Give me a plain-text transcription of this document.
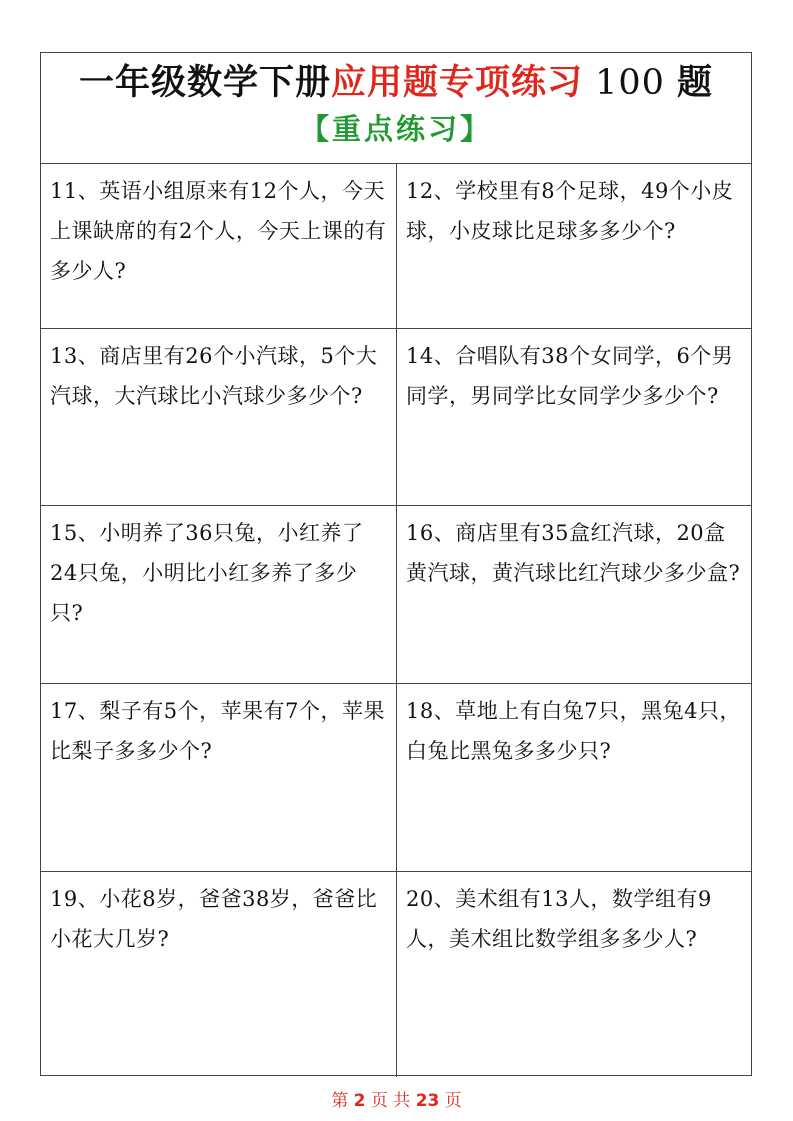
一年级数学下册应用题专项练习 100 题
【重点练习】
11、英语小组原来有12个人，今天上课缺席的有2个人，今天上课的有多少人?
12、学校里有8个足球，49个小皮球，小皮球比足球多多少个?
13、商店里有26个小汽球，5个大汽球，大汽球比小汽球少多少个?
14、合唱队有38个女同学，6个男同学，男同学比女同学少多少个?
15、小明养了36只兔，小红养了24只兔，小明比小红多养了多少只?
16、商店里有35盒红汽球，20盒黄汽球，黄汽球比红汽球少多少盒?
17、梨子有5个，苹果有7个，苹果比梨子多多少个?
18、草地上有白兔7只，黑兔4只，白兔比黑兔多多少只?
19、小花8岁，爸爸38岁，爸爸比小花大几岁?
20、美术组有13人，数学组有9人，美术组比数学组多多少人?
第 2 页 共 23 页
